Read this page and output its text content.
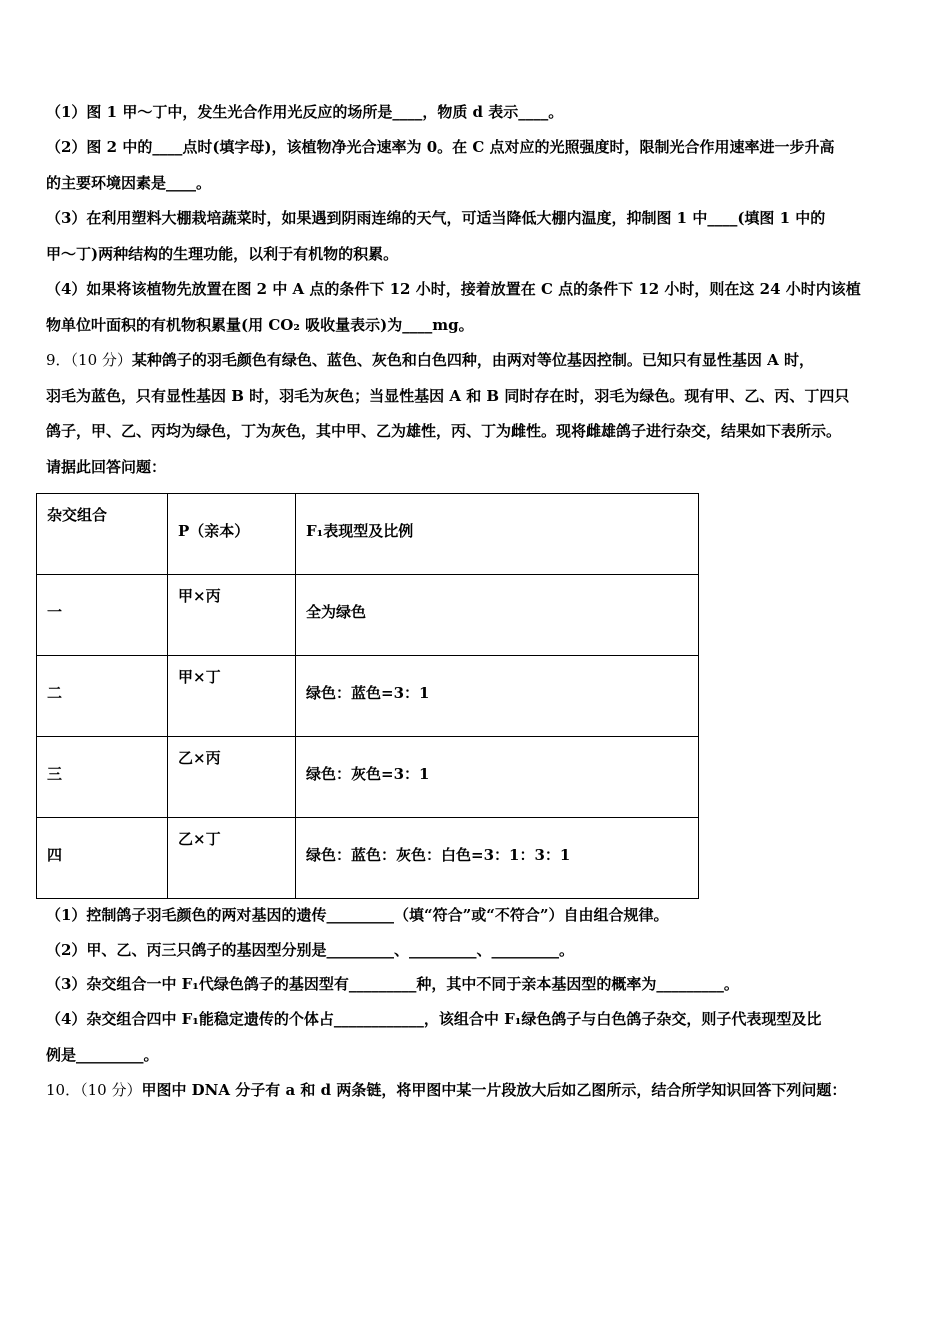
（1）图 1 甲～丁中，发生光合作用光反应的场所是____，物质 d 表示____。
（2）图 2 中的____点时(填字母)，该植物净光合速率为 0。在 C 点对应的光照强度时，限制光合作用速率进一步升高
的主要环境因素是____。
（3）在利用塑料大棚栽培蔬菜时，如果遇到阴雨连绵的天气，可适当降低大棚内温度，抑制图 1 中____(填图 1 中的
甲～丁)两种结构的生理功能，以利于有机物的积累。
（4）如果将该植物先放置在图 2 中 A 点的条件下 12 小时，接着放置在 C 点的条件下 12 小时，则在这 24 小时内该植
物单位叶面积的有机物积累量(用 CO₂ 吸收量表示)为____mg。
9．（10 分）某种鸽子的羽毛颜色有绿色、蓝色、灰色和白色四种，由两对等位基因控制。已知只有显性基因 A 时，
羽毛为蓝色，只有显性基因 B 时，羽毛为灰色；当显性基因 A 和 B 同时存在时，羽毛为绿色。现有甲、乙、丙、丁四只
鸽子，甲、乙、丙均为绿色，丁为灰色，其中甲、乙为雄性，丙、丁为雌性。现将雌雄鸽子进行杂交，结果如下表所示。
请据此回答问题：
杂交组合	P（亲本）	F₁表现型及比例

一	甲×丙	全为绿色

二	甲×丁	绿色：蓝色=3：1

三	乙×丙	绿色：灰色=3：1

四	乙×丁	绿色：蓝色：灰色：白色=3：1：3：1
（1）控制鸽子羽毛颜色的两对基因的遗传_________（填“符合”或“不符合”）自由组合规律。
（2）甲、乙、丙三只鸽子的基因型分别是_________、_________、_________。
（3）杂交组合一中 F₁代绿色鸽子的基因型有_________种，其中不同于亲本基因型的概率为_________。
（4）杂交组合四中 F₁能稳定遗传的个体占____________，该组合中 F₁绿色鸽子与白色鸽子杂交，则子代表现型及比
例是_________。
10．（10 分）甲图中 DNA 分子有 a 和 d 两条链，将甲图中某一片段放大后如乙图所示，结合所学知识回答下列问题：
